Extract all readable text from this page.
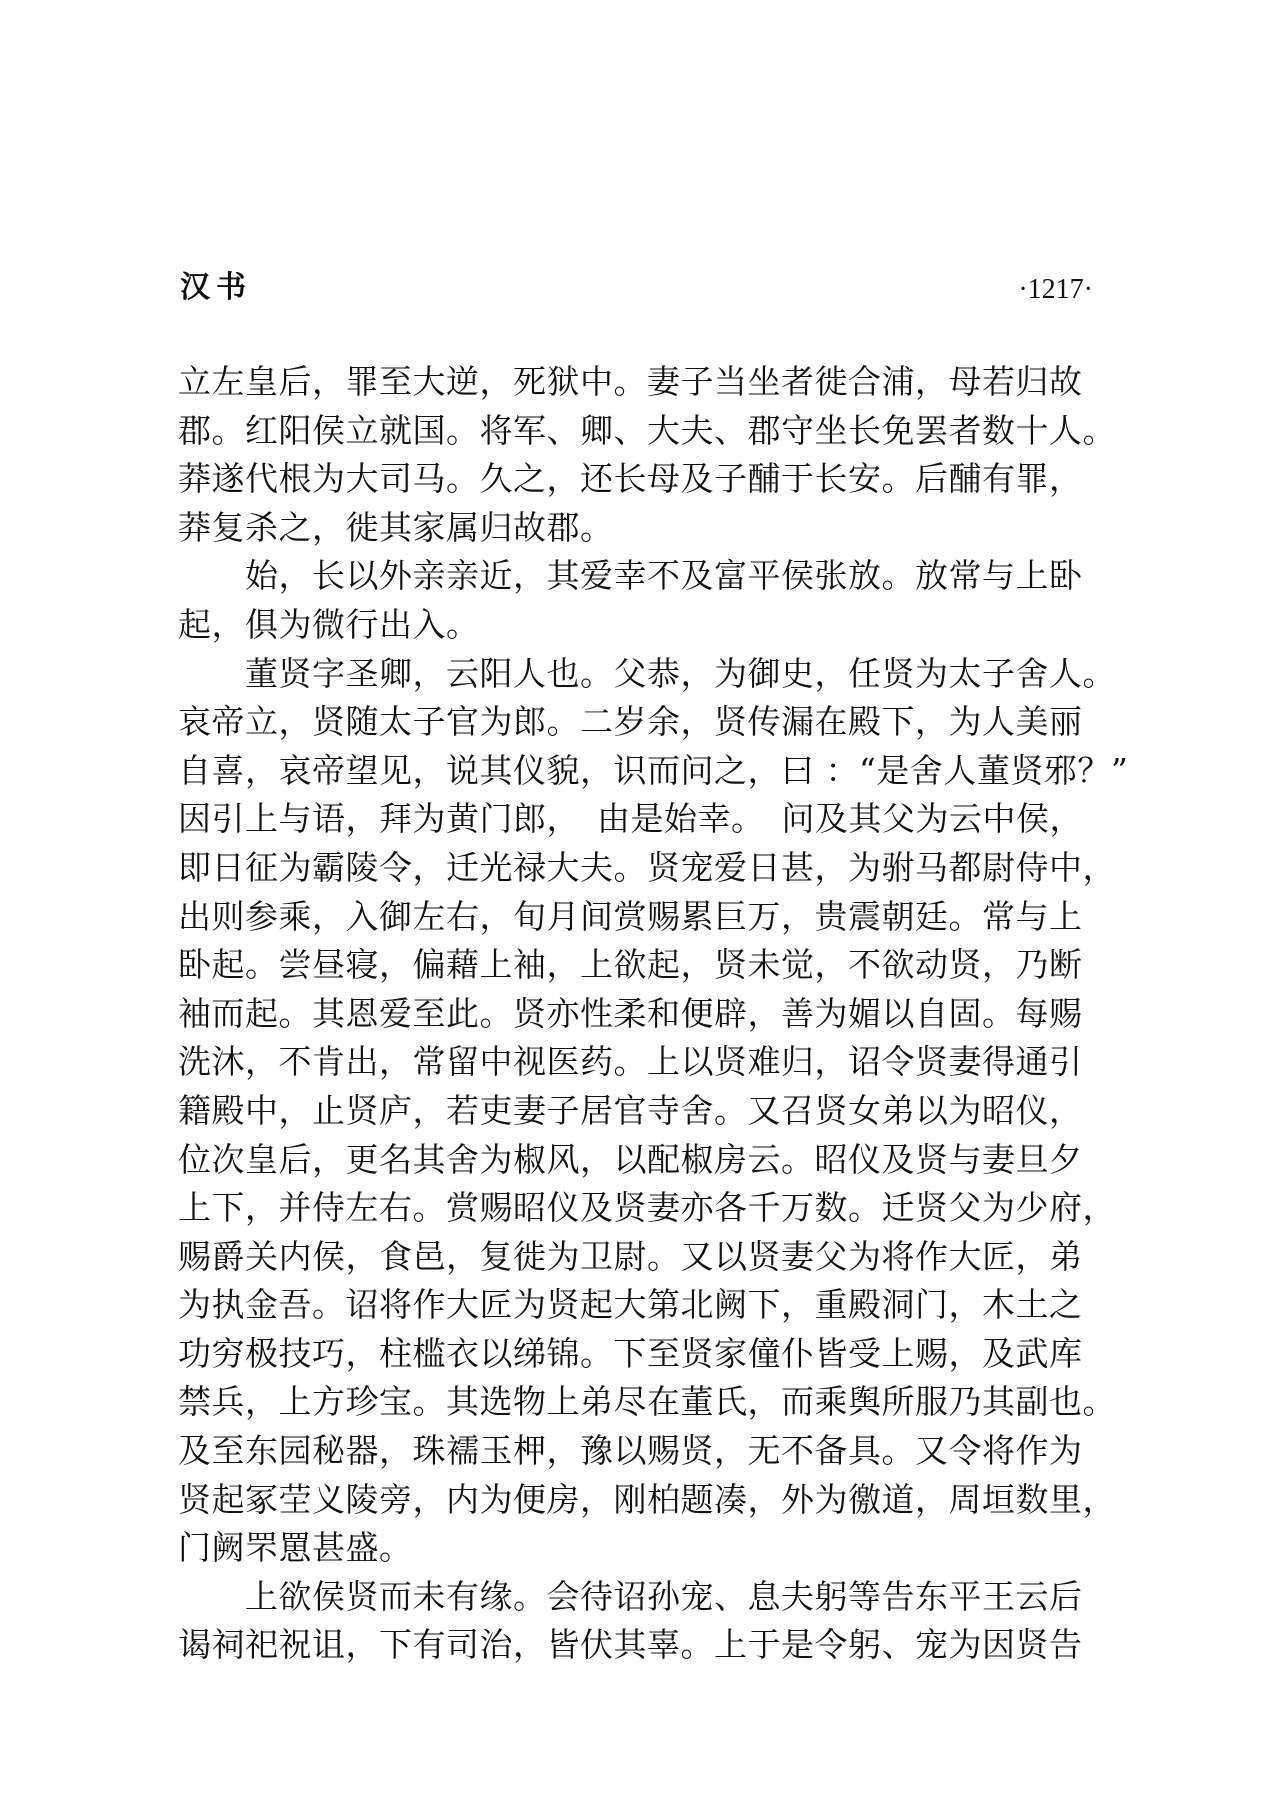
汉书	·1217·
立左皇后，罪至大逆，死狱中。妻子当坐者徙合浦，母若归故
郡。红阳侯立就国。将军、卿、大夫、郡守坐长免罢者数十人。
莽遂代根为大司马。久之，还长母及子酺于长安。后酺有罪，
莽复杀之，徙其家属归故郡。
　　始，长以外亲亲近，其爱幸不及富平侯张放。放常与上卧
起，俱为微行出入。
　　董贤字圣卿，云阳人也。父恭，为御史，任贤为太子舍人。
哀帝立，贤随太子官为郎。二岁余，贤传漏在殿下，为人美丽
自喜，哀帝望见，说其仪貌，识而问之，曰 ：“是舍人董贤邪？”
因引上与语，拜为黄门郎，　由是始幸。　问及其父为云中侯，
即日征为霸陵令，迁光禄大夫。贤宠爱日甚，为驸马都尉侍中，
出则参乘，入御左右，旬月间赏赐累巨万，贵震朝廷。常与上
卧起。尝昼寝，偏藉上袖，上欲起，贤未觉，不欲动贤，乃断
袖而起。其恩爱至此。贤亦性柔和便辟，善为媚以自固。每赐
洗沐，不肯出，常留中视医药。上以贤难归，诏令贤妻得通引
籍殿中，止贤庐，若吏妻子居官寺舍。又召贤女弟以为昭仪，
位次皇后，更名其舍为椒风，以配椒房云。昭仪及贤与妻旦夕
上下，并侍左右。赏赐昭仪及贤妻亦各千万数。迁贤父为少府，
赐爵关内侯，食邑，复徙为卫尉。又以贤妻父为将作大匠，弟
为执金吾。诏将作大匠为贤起大第北阙下，重殿洞门，木土之
功穷极技巧，柱槛衣以绨锦。下至贤家僮仆皆受上赐，及武库
禁兵，上方珍宝。其选物上弟尽在董氏，而乘舆所服乃其副也。
及至东园秘器，珠襦玉柙，豫以赐贤，无不备具。又令将作为
贤起冢茔义陵旁，内为便房，刚柏题凑，外为徼道，周垣数里，
门阙罘罳甚盛。
　　上欲侯贤而未有缘。会待诏孙宠、息夫躬等告东平王云后
谒祠祀祝诅，下有司治，皆伏其辜。上于是令躬、宠为因贤告
